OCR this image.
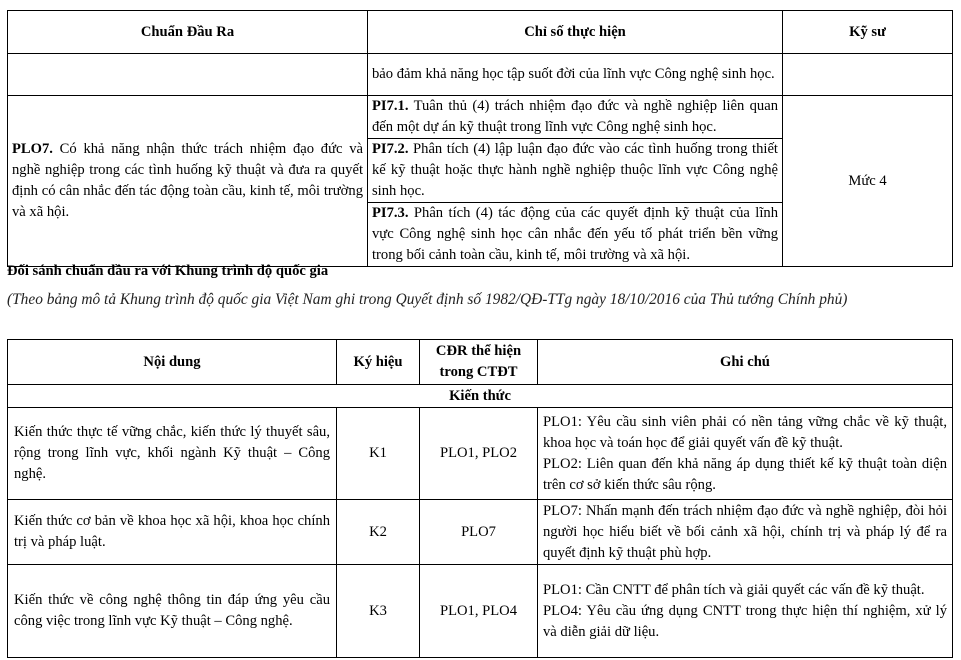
Chuẩn Đầu Ra	Chỉ số thực hiện	Kỹ sư
	bảo đảm khả năng học tập suốt đời của lĩnh vực Công nghệ sinh học.	
PLO7. Có khả năng nhận thức trách nhiệm đạo đức và nghề nghiệp trong các tình huống kỹ thuật và đưa ra quyết định có cân nhắc đến tác động toàn cầu, kinh tế, môi trường và xã hội.	PI7.1. Tuân thủ (4) trách nhiệm đạo đức và nghề nghiệp liên quan đến một dự án kỹ thuật trong lĩnh vực Công nghệ sinh học.	Mức 4
	PI7.2. Phân tích (4) lập luận đạo đức vào các tình huống trong thiết kế kỹ thuật hoặc thực hành nghề nghiệp thuộc lĩnh vực Công nghệ sinh học.	
	PI7.3. Phân tích (4) tác động của các quyết định kỹ thuật của lĩnh vực Công nghệ sinh học cân nhắc đến yếu tố phát triển bền vững trong bối cảnh toàn cầu, kinh tế, môi trường và xã hội.	
Đối sánh chuẩn đầu ra với Khung trình độ quốc gia
(Theo bảng mô tả Khung trình độ quốc gia Việt Nam ghi trong Quyết định số 1982/QĐ-TTg ngày 18/10/2016 của Thủ tướng Chính phủ)
Nội dung	Ký hiệu	CĐR thể hiện trong CTĐT	Ghi chú
Kiến thức			
Kiến thức thực tế vững chắc, kiến thức lý thuyết sâu, rộng trong lĩnh vực, khối ngành Kỹ thuật – Công nghệ.	K1	PLO1, PLO2	PLO1: Yêu cầu sinh viên phải có nền tảng vững chắc về kỹ thuật, khoa học và toán học để giải quyết vấn đề kỹ thuật.
PLO2: Liên quan đến khả năng áp dụng thiết kế kỹ thuật toàn diện trên cơ sở kiến thức sâu rộng.

Kiến thức cơ bản về khoa học xã hội, khoa học chính trị và pháp luật.	K2	PLO7	PLO7: Nhấn mạnh đến trách nhiệm đạo đức và nghề nghiệp, đòi hỏi người học hiểu biết về bối cảnh xã hội, chính trị và pháp lý để ra quyết định kỹ thuật phù hợp.

Kiến thức về công nghệ thông tin đáp ứng yêu cầu công việc trong lĩnh vực Kỹ thuật – Công nghệ.	K3	PLO1, PLO4	PLO1: Cần CNTT để phân tích và giải quyết các vấn đề kỹ thuật.
PLO4: Yêu cầu ứng dụng CNTT trong thực hiện thí nghiệm, xử lý và diễn giải dữ liệu.
